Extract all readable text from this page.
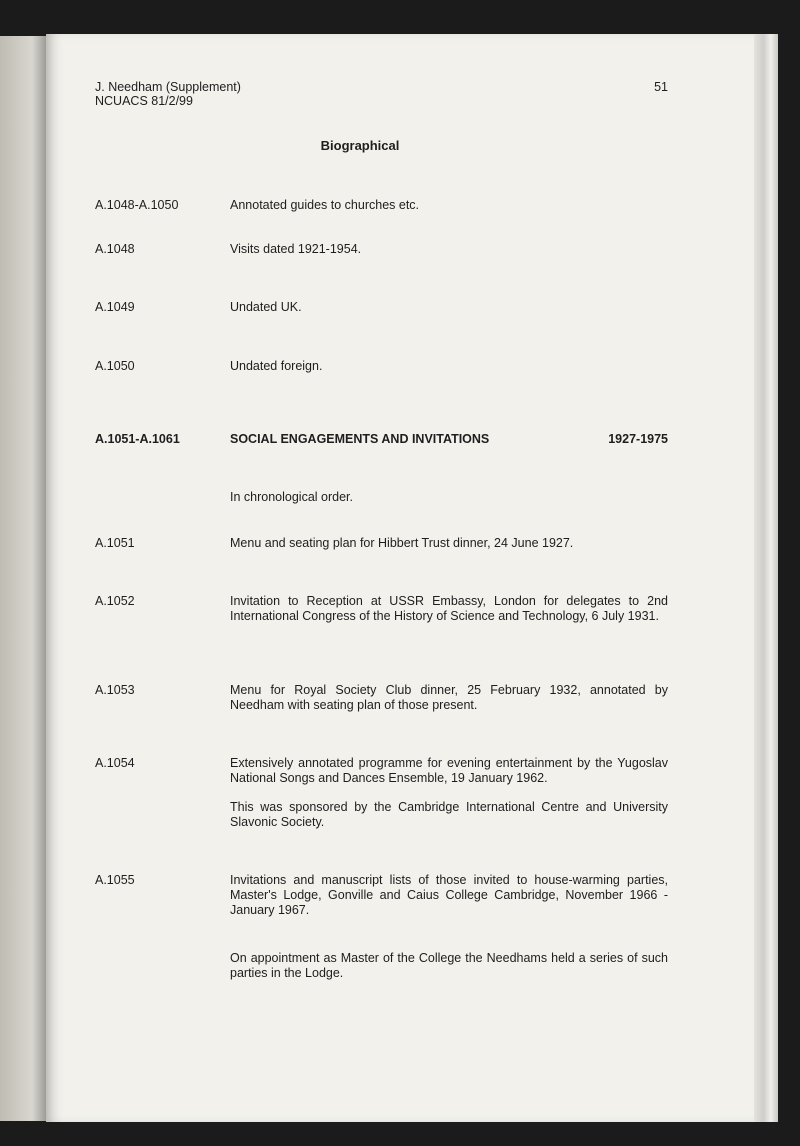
J. Needham (Supplement)
NCUACS 81/2/99
51
Biographical
A.1048-A.1050	Annotated guides to churches etc.
A.1048	Visits dated 1921-1954.
A.1049	Undated UK.
A.1050	Undated foreign.
A.1051-A.1061	SOCIAL ENGAGEMENTS AND INVITATIONS	1927-1975
In chronological order.
A.1051	Menu and seating plan for Hibbert Trust dinner, 24 June 1927.
A.1052	Invitation to Reception at USSR Embassy, London for delegates to 2nd International Congress of the History of Science and Technology, 6 July 1931.
A.1053	Menu for Royal Society Club dinner, 25 February 1932, annotated by Needham with seating plan of those present.
A.1054	Extensively annotated programme for evening entertainment by the Yugoslav National Songs and Dances Ensemble, 19 January 1962.
This was sponsored by the Cambridge International Centre and University Slavonic Society.
A.1055	Invitations and manuscript lists of those invited to house-warming parties, Master's Lodge, Gonville and Caius College Cambridge, November 1966 - January 1967.
On appointment as Master of the College the Needhams held a series of such parties in the Lodge.
